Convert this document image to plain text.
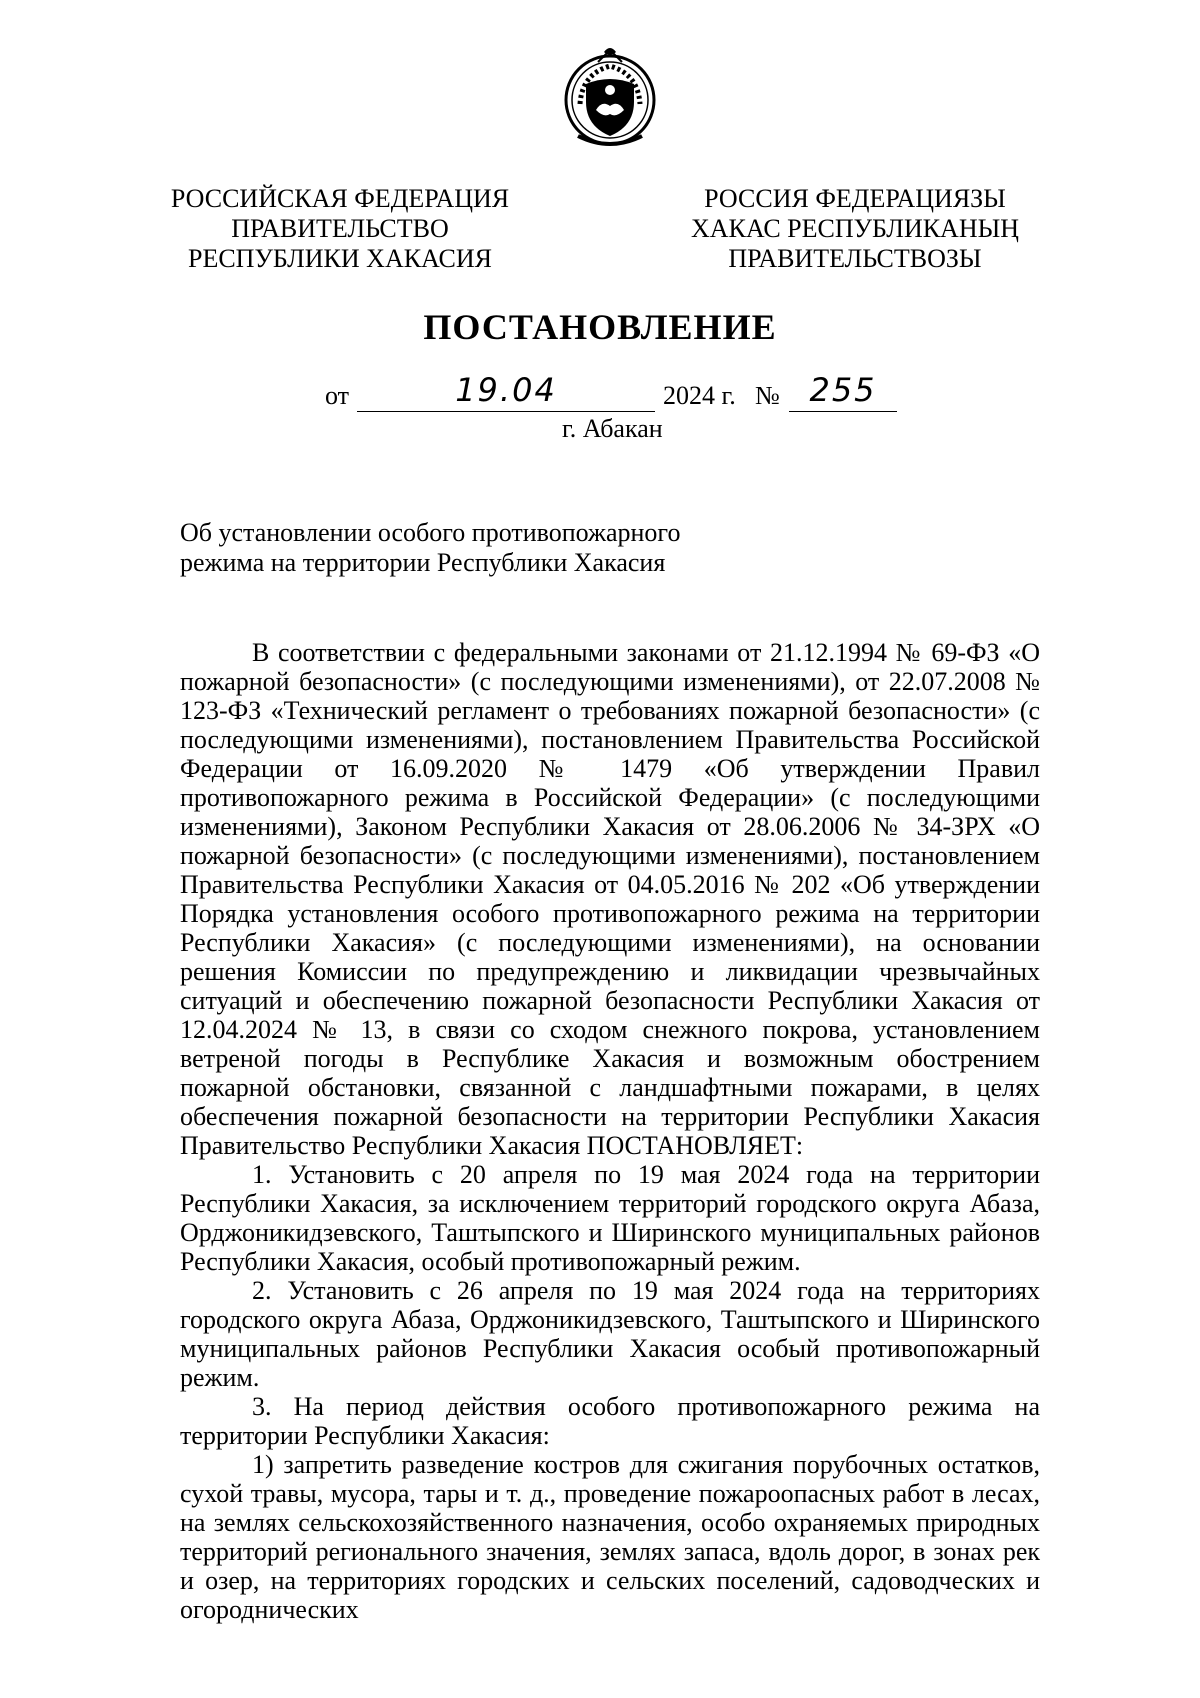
РОССИЙСКАЯ ФЕДЕРАЦИЯ
ПРАВИТЕЛЬСТВО
РЕСПУБЛИКИ ХАКАСИЯ
РОССИЯ ФЕДЕРАЦИЯЗЫ
ХАКАС РЕСПУБЛИКАНЫҢ
ПРАВИТЕЛЬСТВОЗЫ
ПОСТАНОВЛЕНИЕ
от	19.04	2024 г. № 255
г. Абакан
Об установлении особого противопожарного
режима на территории Республики Хакасия

В соответствии с федеральными законами от 21.12.1994 № 69-ФЗ «О пожарной безопасности» (с последующими изменениями), от 22.07.2008 № 123-ФЗ «Технический регламент о требованиях пожарной безопасности» (с последующими изменениями), постановлением Правительства Российской Федерации от 16.09.2020 № 1479 «Об утверждении Правил противопожарного режима в Российской Федерации» (с последующими изменениями), Законом Республики Хакасия от 28.06.2006 № 34-ЗРХ «О пожарной безопасности» (с последующими изменениями), постановлением Правительства Республики Хакасия от 04.05.2016 № 202 «Об утверждении Порядка установления особого противопожарного режима на территории Республики Хакасия» (с последующими изменениями), на основании решения Комиссии по предупреждению и ликвидации чрезвычайных ситуаций и обеспечению пожарной безопасности Республики Хакасия от 12.04.2024 № 13, в связи со сходом снежного покрова, установлением ветреной погоды в Республике Хакасия и возможным обострением пожарной обстановки, связанной с ландшафтными пожарами, в целях обеспечения пожарной безопасности на территории Республики Хакасия Правительство Республики Хакасия ПОСТАНОВЛЯЕТ:

1. Установить с 20 апреля по 19 мая 2024 года на территории Республики Хакасия, за исключением территорий городского округа Абаза, Орджоникидзевского, Таштыпского и Ширинского муниципальных районов Республики Хакасия, особый противопожарный режим.

2. Установить с 26 апреля по 19 мая 2024 года на территориях городского округа Абаза, Орджоникидзевского, Таштыпского и Ширинского муниципальных районов Республики Хакасия особый противопожарный режим.

3. На период действия особого противопожарного режима на территории Республики Хакасия:

1) запретить разведение костров для сжигания порубочных остатков, сухой травы, мусора, тары и т. д., проведение пожароопасных работ в лесах, на землях сельскохозяйственного назначения, особо охраняемых природных территорий регионального значения, землях запаса, вдоль дорог, в зонах рек и озер, на территориях городских и сельских поселений, садоводческих и огороднических
